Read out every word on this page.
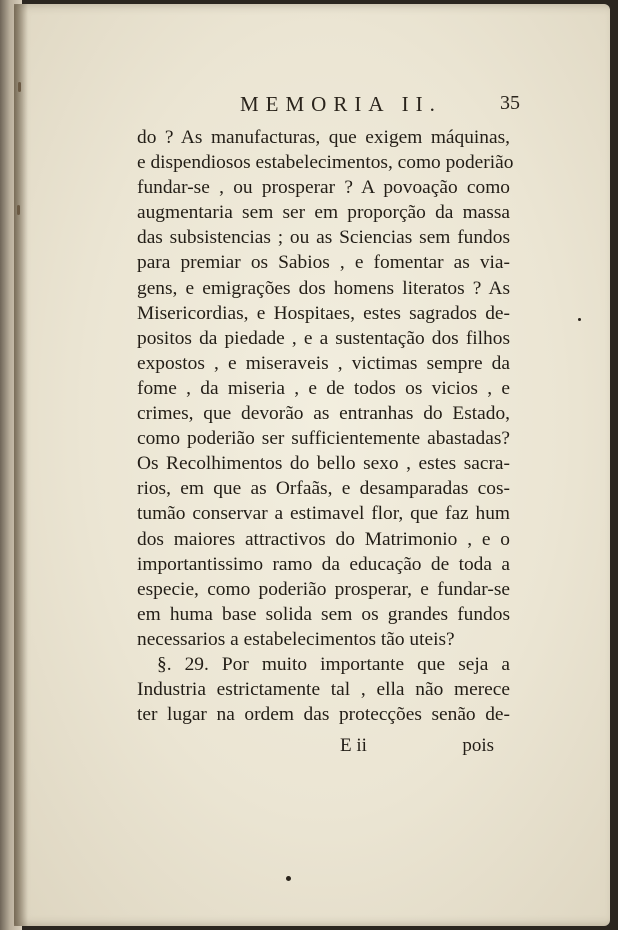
MEMORIA II.	35
do ? As manufacturas, que exigem máquinas,
e dispendiosos estabelecimentos, como poderião
fundar-se , ou prosperar ? A povoação como
augmentaria sem ser em proporção da massa
das subsistencias ; ou as Sciencias sem fundos
para premiar os Sabios , e fomentar as via-
gens, e emigrações dos homens literatos ? As
Misericordias, e Hospitaes, estes sagrados de-
positos da piedade , e a sustentação dos filhos
expostos , e miseraveis , victimas sempre da
fome , da miseria , e de todos os vicios , e
crimes, que devorão as entranhas do Estado,
como poderião ser sufficientemente abastadas?
Os Recolhimentos do bello sexo , estes sacra-
rios, em que as Orfaãs, e desamparadas cos-
tumão conservar a estimavel flor, que faz hum
dos maiores attractivos do Matrimonio , e o
importantissimo ramo da educação de toda a
especie, como poderião prosperar, e fundar-se
em huma base solida sem os grandes fundos
necessarios a estabelecimentos tão uteis?
§. 29. Por muito importante que seja a
Industria estrictamente tal , ella não merece
ter lugar na ordem das protecções senão de-
E ii	pois
